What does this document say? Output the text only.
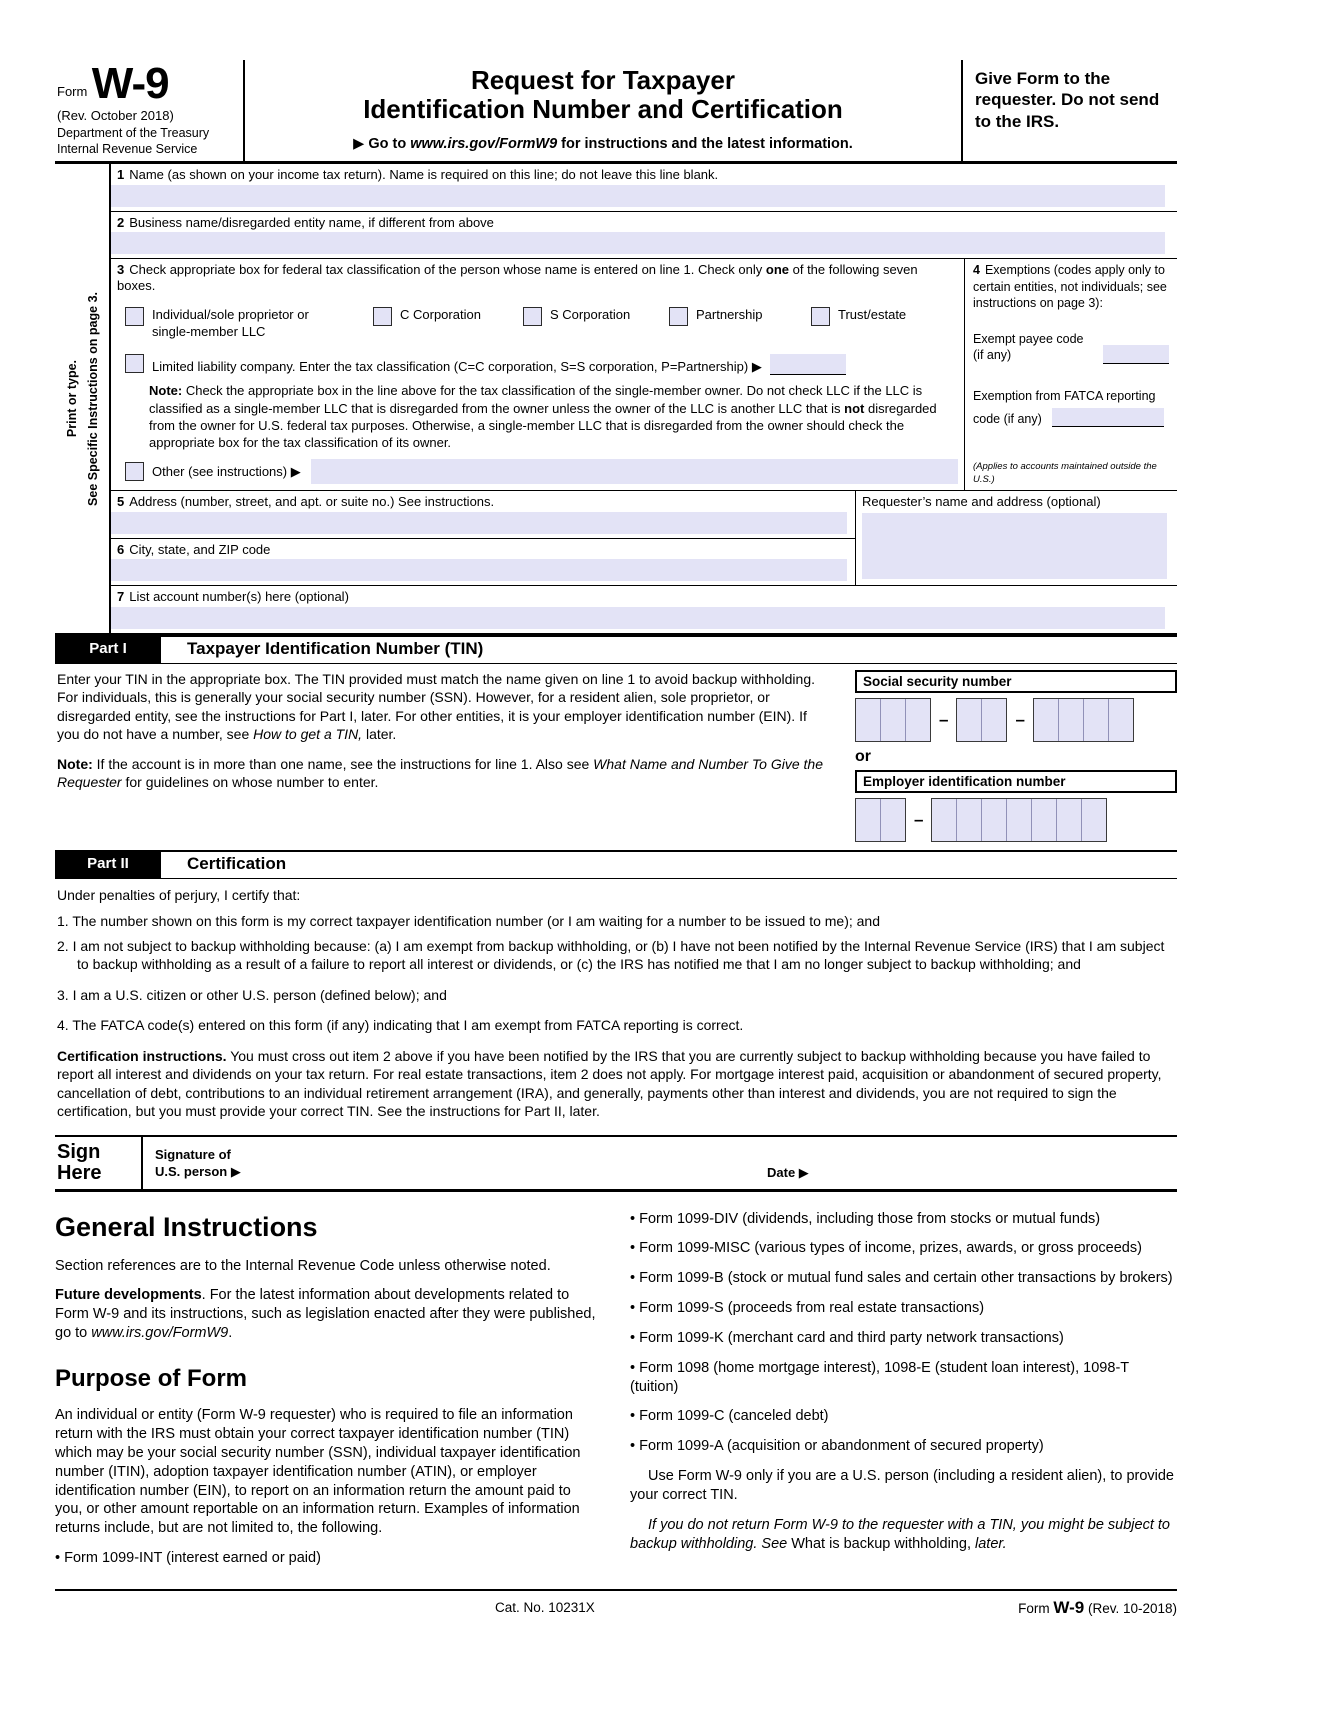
Form W-9
(Rev. October 2018)
Department of the Treasury
Internal Revenue Service
Request for Taxpayer
Identification Number and Certification
▶ Go to www.irs.gov/FormW9 for instructions and the latest information.
Give Form to the requester. Do not send to the IRS.
Print or type. See Specific Instructions on page 3.
1 Name (as shown on your income tax return). Name is required on this line; do not leave this line blank.
2 Business name/disregarded entity name, if different from above
3 Check appropriate box for federal tax classification of the person whose name is entered on line 1. Check only one of the following seven boxes.
Individual/sole proprietor or single-member LLC
C Corporation	S Corporation	Partnership	Trust/estate
Limited liability company. Enter the tax classification (C=C corporation, S=S corporation, P=Partnership) ▶
Note: Check the appropriate box in the line above for the tax classification of the single-member owner. Do not check LLC if the LLC is classified as a single-member LLC that is disregarded from the owner unless the owner of the LLC is another LLC that is not disregarded from the owner for U.S. federal tax purposes. Otherwise, a single-member LLC that is disregarded from the owner should check the appropriate box for the tax classification of its owner.
Other (see instructions) ▶
4 Exemptions (codes apply only to certain entities, not individuals; see instructions on page 3):
Exempt payee code (if any)
Exemption from FATCA reporting
code (if any)
(Applies to accounts maintained outside the U.S.)
5 Address (number, street, and apt. or suite no.) See instructions.
6 City, state, and ZIP code
Requester’s name and address (optional)
7 List account number(s) here (optional)
Part I	Taxpayer Identification Number (TIN)

Enter your TIN in the appropriate box. The TIN provided must match the name given on line 1 to avoid backup withholding. For individuals, this is generally your social security number (SSN). However, for a resident alien, sole proprietor, or disregarded entity, see the instructions for Part I, later. For other entities, it is your employer identification number (EIN). If you do not have a number, see How to get a TIN, later.

Note: If the account is in more than one name, see the instructions for line 1. Also see What Name and Number To Give the Requester for guidelines on whose number to enter.

Social security number
–	–
or
Employer identification number
–
Part II	Certification
Under penalties of perjury, I certify that:
1. The number shown on this form is my correct taxpayer identification number (or I am waiting for a number to be issued to me); and
2. I am not subject to backup withholding because: (a) I am exempt from backup withholding, or (b) I have not been notified by the Internal Revenue Service (IRS) that I am subject to backup withholding as a result of a failure to report all interest or dividends, or (c) the IRS has notified me that I am no longer subject to backup withholding; and
3. I am a U.S. citizen or other U.S. person (defined below); and
4. The FATCA code(s) entered on this form (if any) indicating that I am exempt from FATCA reporting is correct.
Certification instructions. You must cross out item 2 above if you have been notified by the IRS that you are currently subject to backup withholding because you have failed to report all interest and dividends on your tax return. For real estate transactions, item 2 does not apply. For mortgage interest paid, acquisition or abandonment of secured property, cancellation of debt, contributions to an individual retirement arrangement (IRA), and generally, payments other than interest and dividends, you are not required to sign the certification, but you must provide your correct TIN. See the instructions for Part II, later.
Sign
Here
Signature of
U.S. person ▶	Date ▶
General Instructions

Section references are to the Internal Revenue Code unless otherwise noted.

Future developments. For the latest information about developments related to Form W-9 and its instructions, such as legislation enacted after they were published, go to www.irs.gov/FormW9.

Purpose of Form

An individual or entity (Form W-9 requester) who is required to file an information return with the IRS must obtain your correct taxpayer identification number (TIN) which may be your social security number (SSN), individual taxpayer identification number (ITIN), adoption taxpayer identification number (ATIN), or employer identification number (EIN), to report on an information return the amount paid to you, or other amount reportable on an information return. Examples of information returns include, but are not limited to, the following.

• Form 1099-INT (interest earned or paid)

• Form 1099-DIV (dividends, including those from stocks or mutual funds)

• Form 1099-MISC (various types of income, prizes, awards, or gross proceeds)

• Form 1099-B (stock or mutual fund sales and certain other transactions by brokers)

• Form 1099-S (proceeds from real estate transactions)

• Form 1099-K (merchant card and third party network transactions)

• Form 1098 (home mortgage interest), 1098-E (student loan interest), 1098-T (tuition)

• Form 1099-C (canceled debt)

• Form 1099-A (acquisition or abandonment of secured property)

Use Form W-9 only if you are a U.S. person (including a resident alien), to provide your correct TIN.

If you do not return Form W-9 to the requester with a TIN, you might be subject to backup withholding. See What is backup withholding, later.

Cat. No. 10231X	Form W-9 (Rev. 10-2018)
